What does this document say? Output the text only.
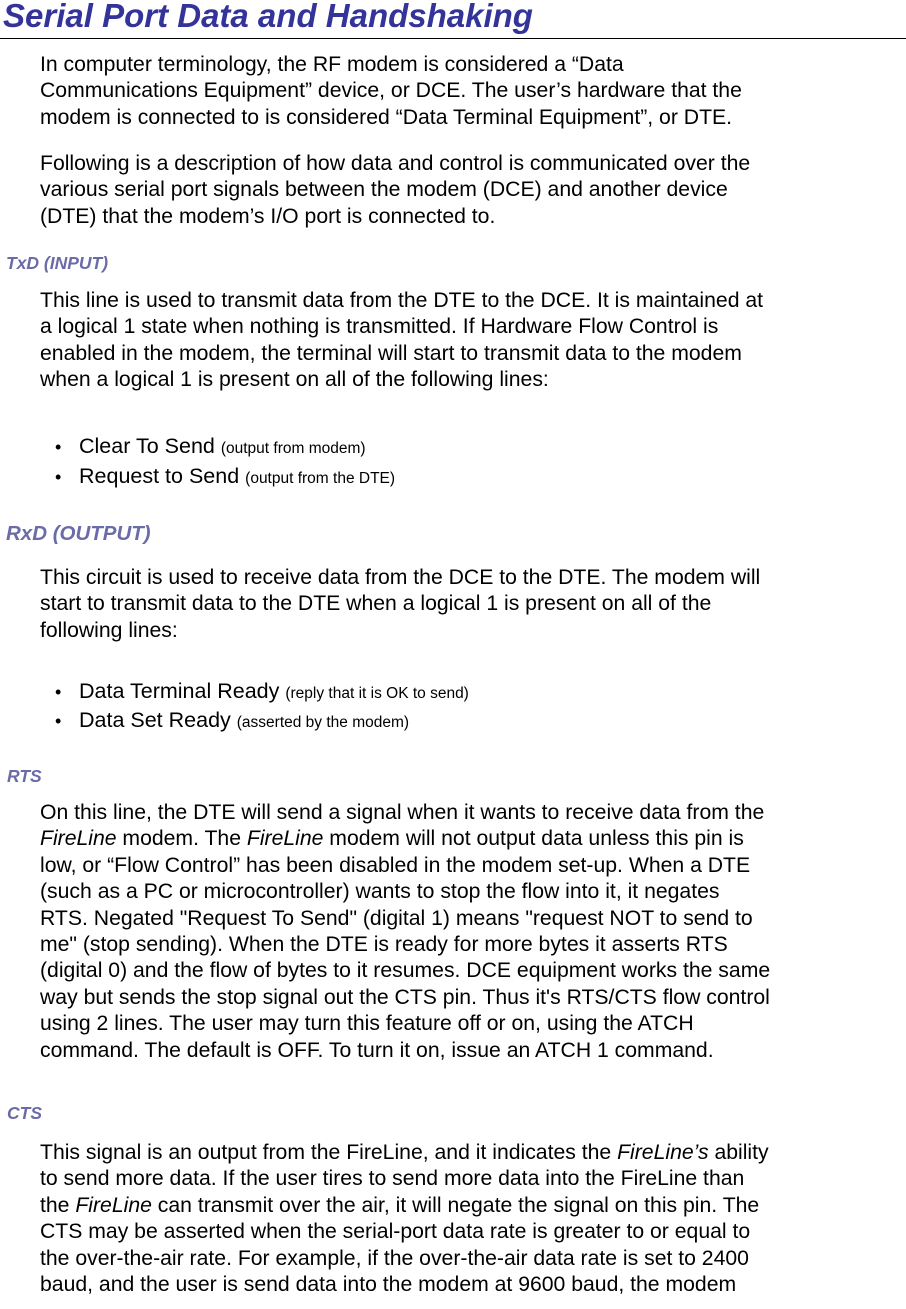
Serial Port Data and Handshaking

In computer terminology, the RF modem is considered a “Data
Communications Equipment” device, or DCE. The user’s hardware that the
modem is connected to is considered “Data Terminal Equipment”, or DTE.

Following is a description of how data and control is communicated over the
various serial port signals between the modem (DCE) and another device
(DTE) that the modem’s I/O port is connected to.

TxD (INPUT)

This line is used to transmit data from the DTE to the DCE. It is maintained at
a logical 1 state when nothing is transmitted. If Hardware Flow Control is
enabled in the modem, the terminal will start to transmit data to the modem
when a logical 1 is present on all of the following lines:

• Clear To Send (output from modem)
• Request to Send (output from the DTE)
RxD (OUTPUT)

This circuit is used to receive data from the DCE to the DTE. The modem will
start to transmit data to the DTE when a logical 1 is present on all of the
following lines:

• Data Terminal Ready (reply that it is OK to send)
• Data Set Ready (asserted by the modem)
RTS

On this line, the DTE will send a signal when it wants to receive data from the
FireLine modem. The FireLine modem will not output data unless this pin is
low, or “Flow Control” has been disabled in the modem set-up. When a DTE
(such as a PC or microcontroller) wants to stop the flow into it, it negates
RTS. Negated "Request To Send" (digital 1) means "request NOT to send to
me" (stop sending). When the DTE is ready for more bytes it asserts RTS
(digital 0) and the flow of bytes to it resumes. DCE equipment works the same
way but sends the stop signal out the CTS pin. Thus it's RTS/CTS flow control
using 2 lines. The user may turn this feature off or on, using the ATCH
command. The default is OFF. To turn it on, issue an ATCH 1 command.

CTS

This signal is an output from the FireLine, and it indicates the FireLine’s ability
to send more data. If the user tires to send more data into the FireLine than
the FireLine can transmit over the air, it will negate the signal on this pin. The
CTS may be asserted when the serial-port data rate is greater to or equal to
the over-the-air rate. For example, if the over-the-air data rate is set to 2400
baud, and the user is send data into the modem at 9600 baud, the modem
